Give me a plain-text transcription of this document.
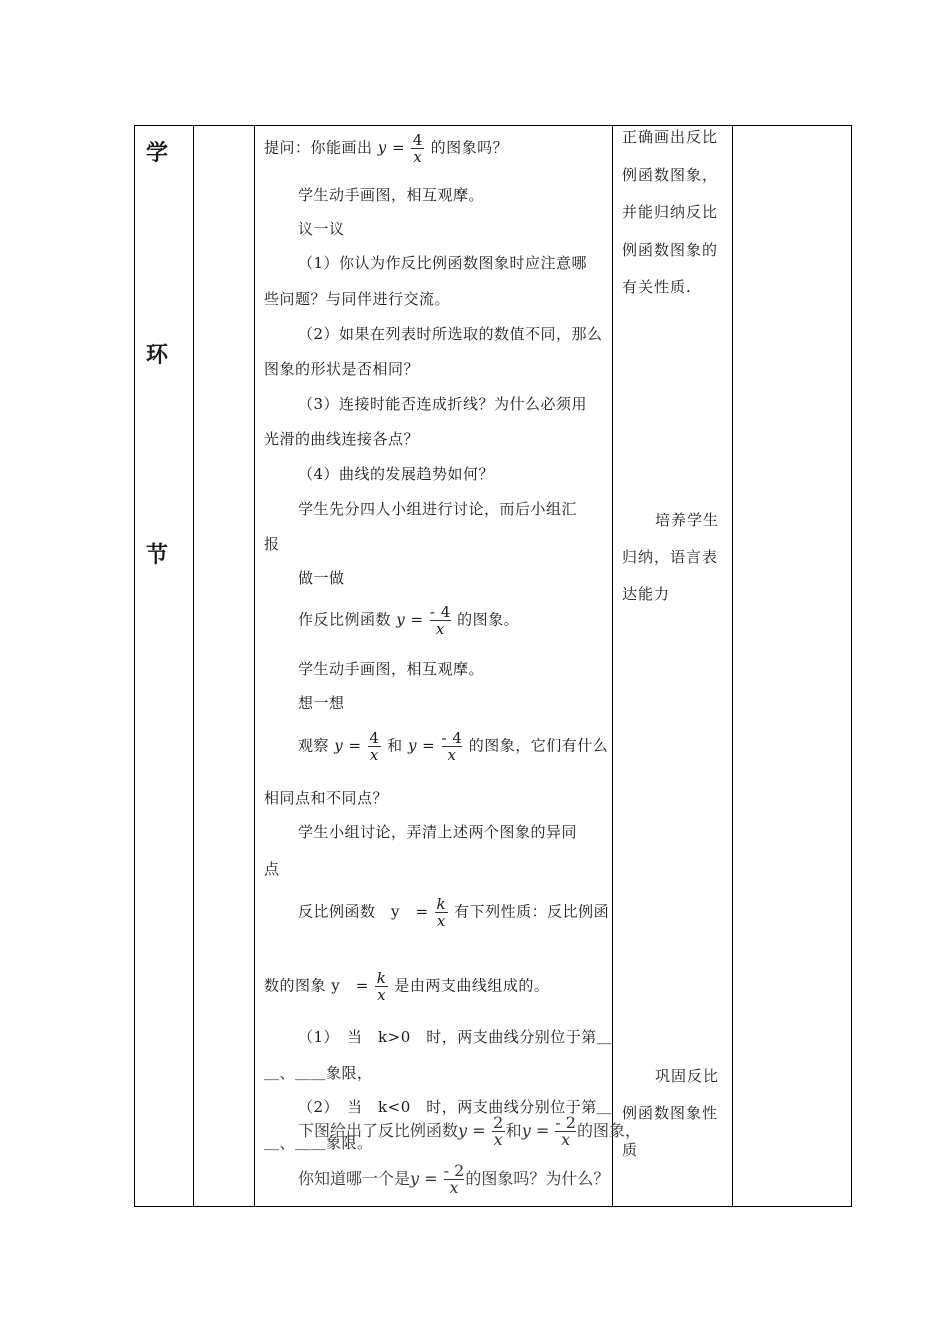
学
环
节
提问：你能画出 $y = \frac{4}{x}$ 的图象吗？
学生动手画图，相互观摩。
议一议
（1）你认为作反比例函数图象时应注意哪
些问题？与同伴进行交流。
（2）如果在列表时所选取的数值不同，那么
图象的形状是否相同？
（3）连接时能否连成折线？为什么必须用
光滑的曲线连接各点？
（4）曲线的发展趋势如何？
学生先分四人小组进行讨论，而后小组汇
报
做一做
作反比例函数 $y = \frac{- 4}{x}$ 的图象。
学生动手画图，相互观摩。
想一想
观察 $y = \frac{4}{x}$ 和 $y = \frac{- 4}{x}$ 的图象，它们有什么
相同点和不同点？
学生小组讨论，弄清上述两个图象的异同
点
反比例函数　y　= $\frac{k}{x}$ 有下列性质：反比例函
数的图象 y　= $\frac{k}{x}$ 是由两支曲线组成的。
（1）　当　k>0　时，两支曲线分别位于第＿
＿、＿＿象限，
（2）　当　k<0　时，两支曲线分别位于第＿
＿、＿＿象限。
下图给出了反比例函数$y = \frac{2}{x}$ 和$y = \frac{- 2}{x}$ 的图象，
你知道哪一个是$y = \frac{- 2}{x}$ 的图象吗？为什么？
正确画出反比
例函数图象，
并能归纳反比
例函数图象的
有关性质.
培养学生
归纳，语言表
达能力
巩固反比
例函数图象性
质
